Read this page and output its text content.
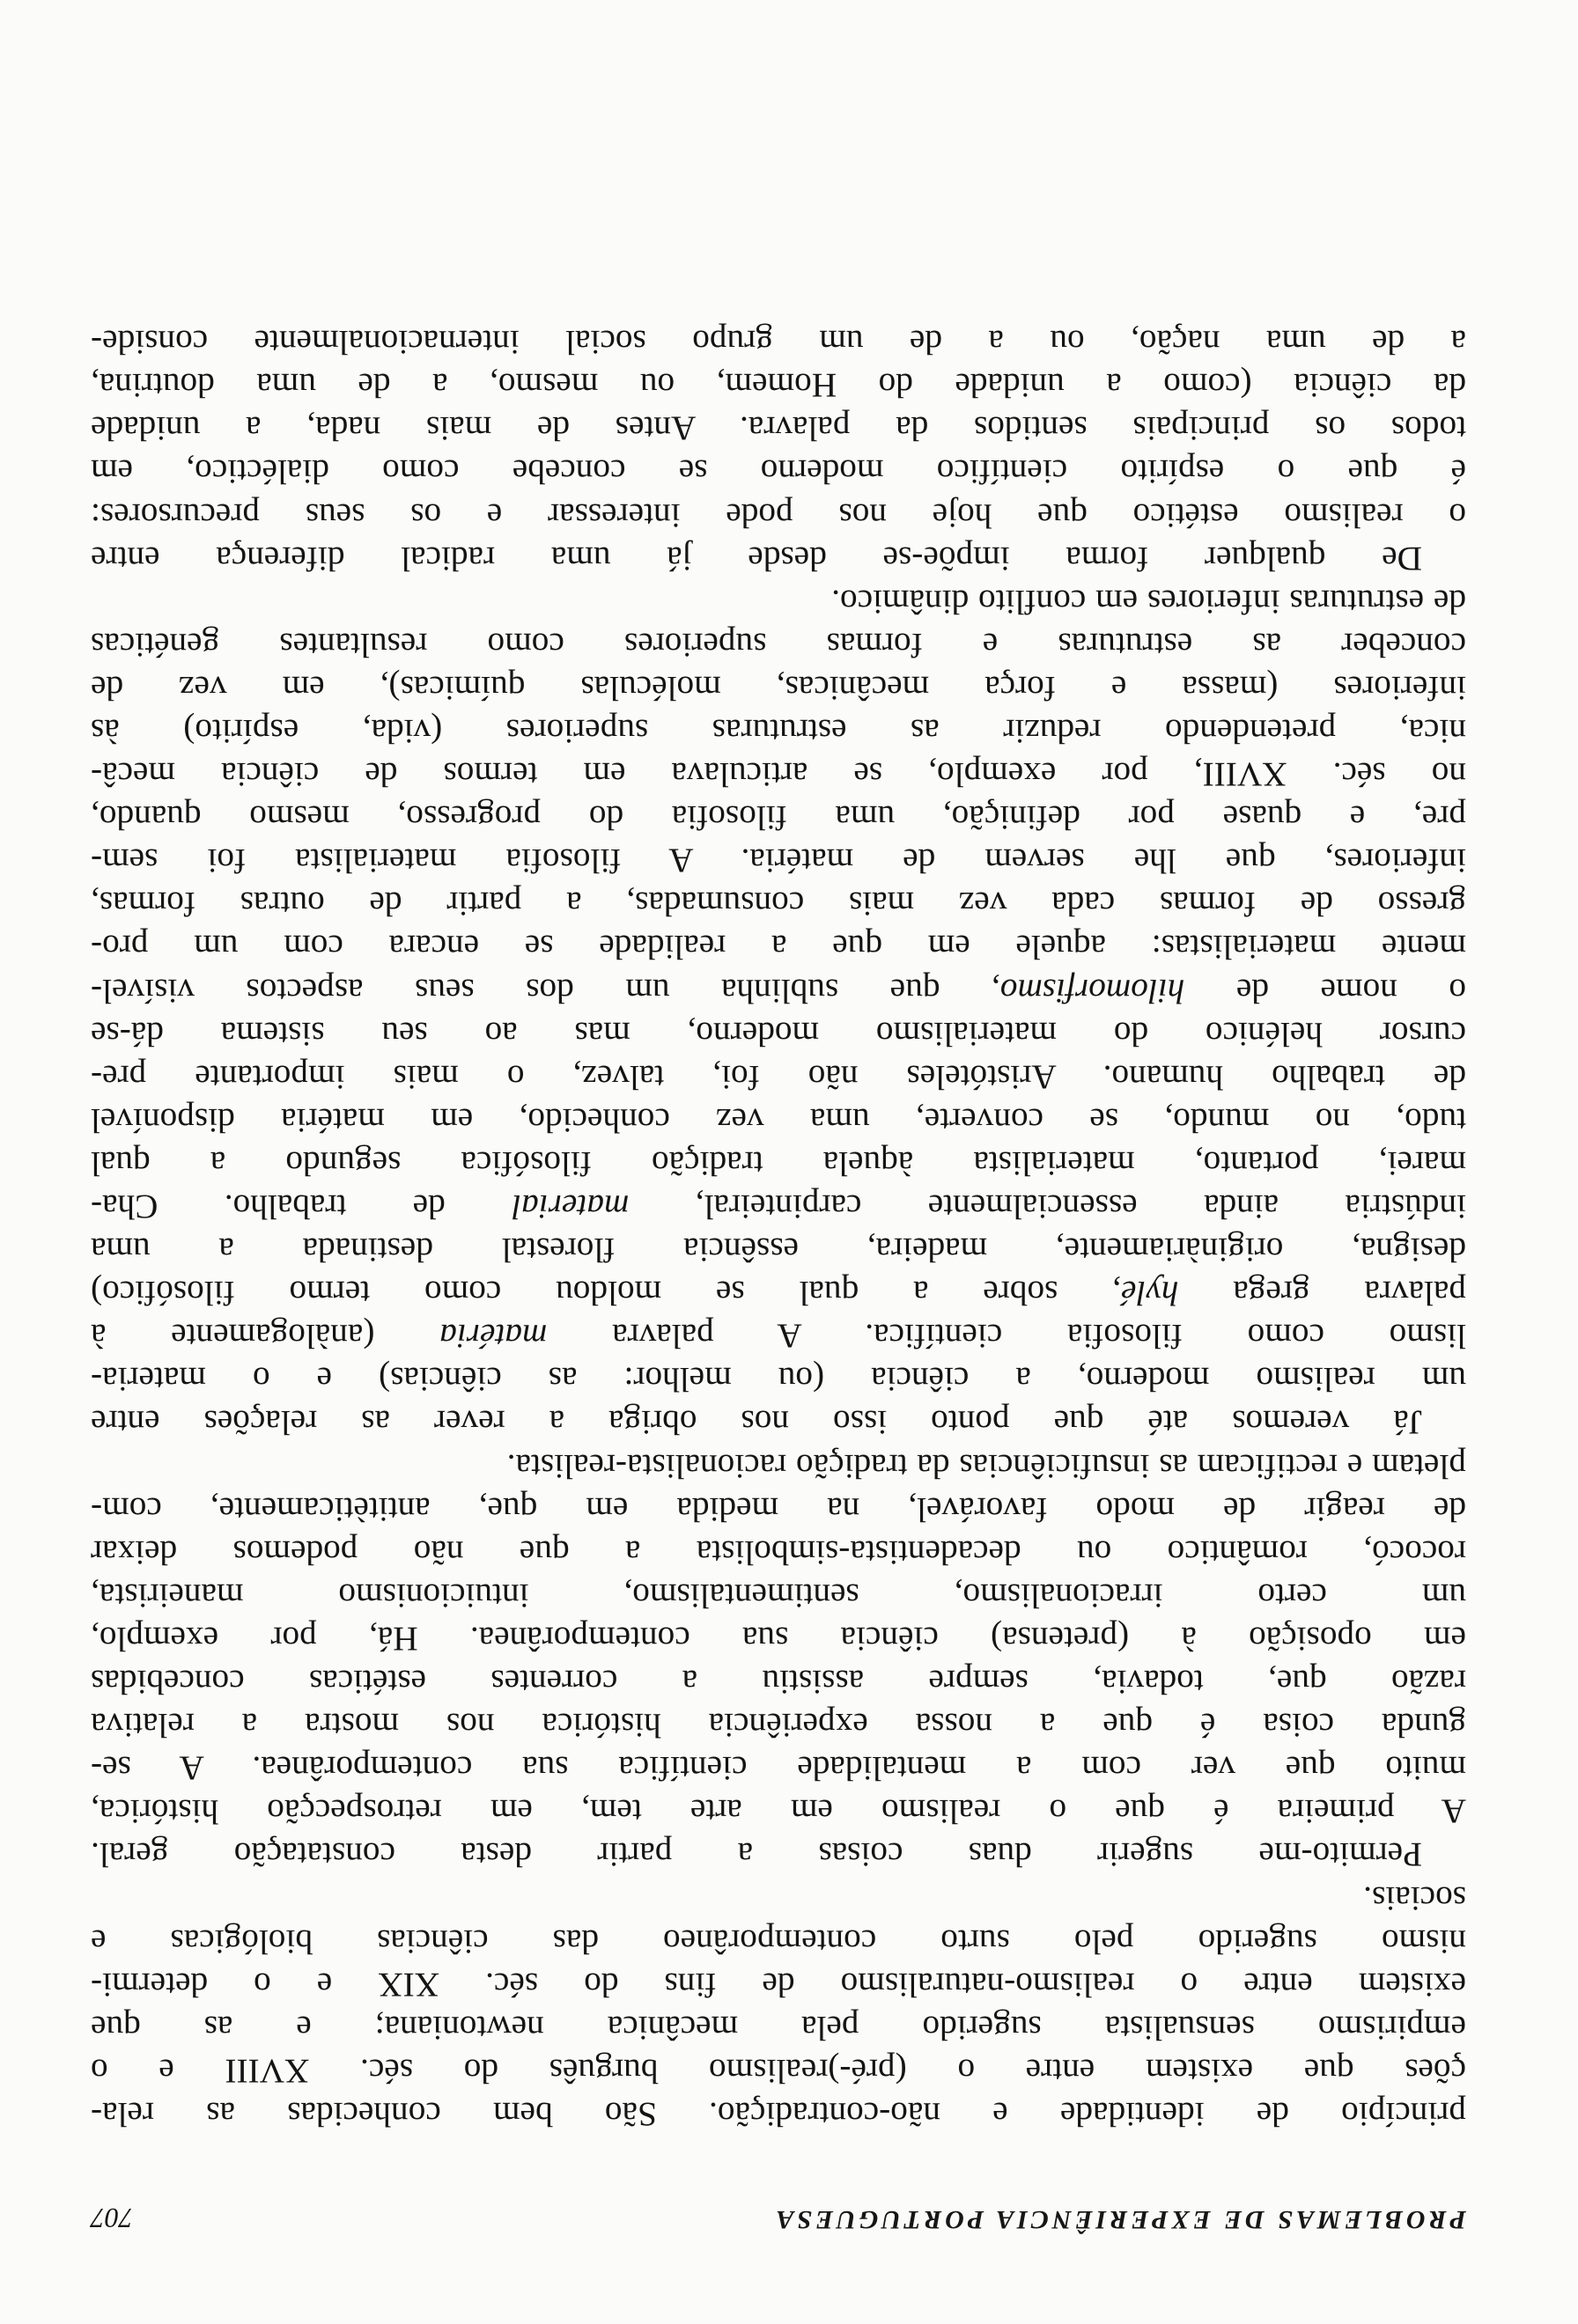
PROBLEMAS DE EXPERIÊNCIA PORTUGUESA
707
princípio de identidade e não-contradição. São bem conhecidas as rela-
ções que existem entre o (pré-)realismo burguês do séc. XVIII e o
empirismo sensualista sugerido pela mecânica newtoniana; e as que
existem entre o realismo-naturalismo de fins do séc. XIX e o determi-
nismo sugerido pelo surto contemporâneo das ciências biológicas e
sociais.
Permito-me sugerir duas coisas a partir desta constatação geral.
A primeira é que o realismo em arte tem, em retrospecção histórica,
muito que ver com a mentalidade científica sua contemporânea. A se-
gunda coisa é que a nossa experiência histórica nos mostra a relativa
razão que, todavia, sempre assistiu a correntes estéticas concebidas
em oposição à (pretensa) ciência sua contemporânea. Há, por exemplo,
um certo irracionalismo, sentimentalismo, intuicionismo maneirista,
rococó, romântico ou decadentista-simbolista a que não podemos deixar
de reagir de modo favorável, na medida em que, antitèticamente, com-
pletam e rectificam as insuficiências da tradição racionalista-realista.
Já veremos até que ponto isso nos obriga a rever as relações entre
um realismo moderno, a ciência (ou melhor: as ciências) e o materia-
lismo como filosofia científica. A palavra matéria (anàlogamente à
palavra grega hylé, sobre a qual se moldou como termo filosófico)
designa, originàriamente, madeira, essência florestal destinada a uma
indústria ainda essencialmente carpinteiral, material de trabalho. Cha-
marei, portanto, materialista àquela tradição filosófica segundo a qual
tudo, no mundo, se converte, uma vez conhecido, em matéria disponível
de trabalho humano. Aristóteles não foi, talvez, o mais importante pre-
cursor helénico do materialismo moderno, mas ao seu sistema dá-se
o nome de hilomorfismo, que sublinha um dos seus aspectos visível-
mente materialistas: aquele em que a realidade se encara com um pro-
gresso de formas cada vez mais consumadas, a partir de outras formas,
inferiores, que lhe servem de matéria. A filosofia materialista foi sem-
pre, e quase por definição, uma filosofia do progresso, mesmo quando,
no séc. XVIII, por exemplo, se articulava em termos de ciência mecâ-
nica, pretendendo reduzir as estruturas superiores (vida, espírito) às
inferiores (massa e força mecânicas, moléculas químicas), em vez de
conceber as estruturas e formas superiores como resultantes genéticas
de estruturas inferiores em conflito dinâmico.
De qualquer forma impõe-se desde já uma radical diferença entre
o realismo estético que hoje nos pode interessar e os seus precursores:
é que o espírito científico moderno se concebe como dialéctico, em
todos os principais sentidos da palavra. Antes de mais nada, a unidade
da ciência (como a unidade do Homem, ou mesmo, a de uma doutrina,
a de uma nação, ou a de um grupo social internacionalmente conside-
